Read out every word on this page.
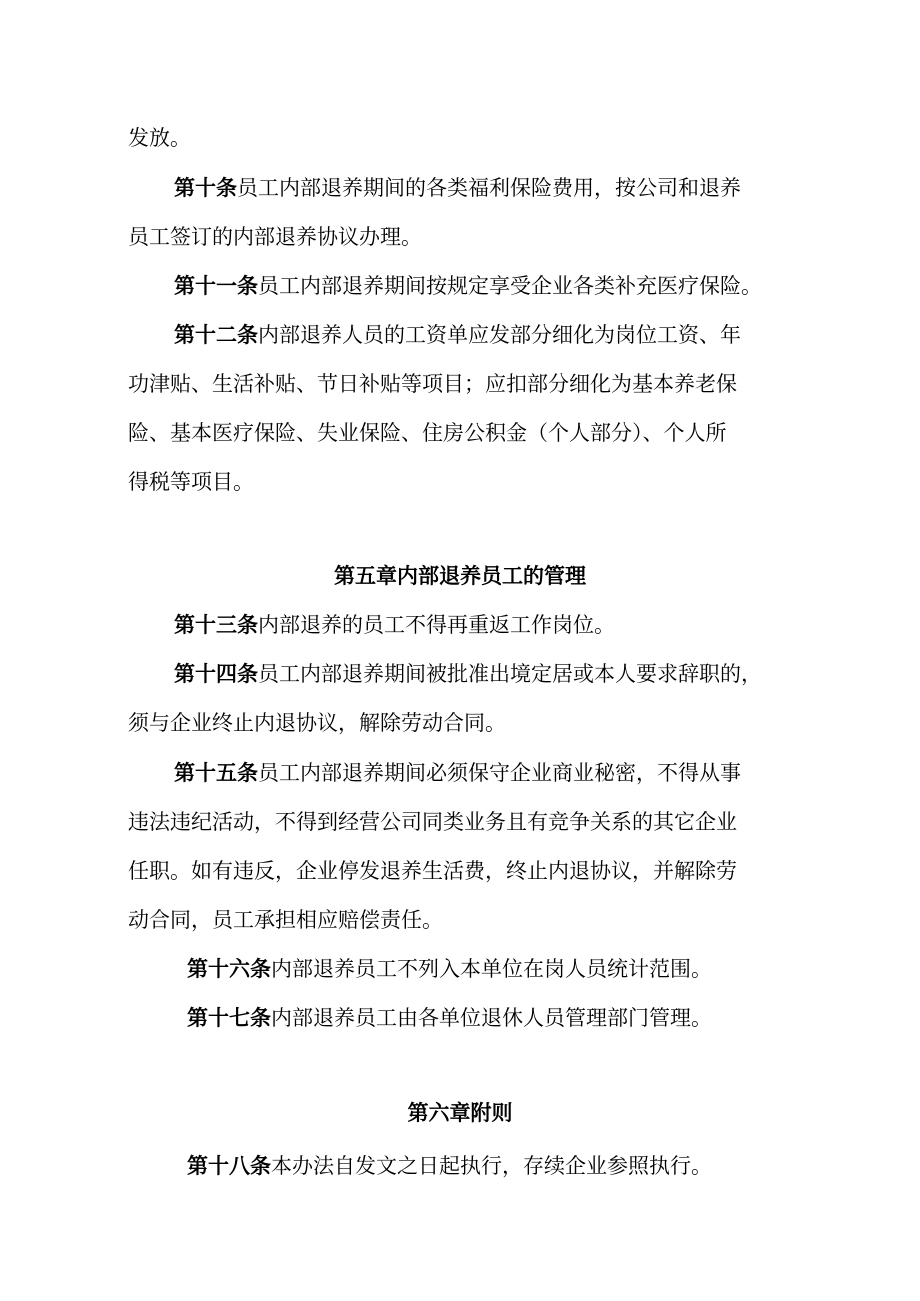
发放。

第十条员工内部退养期间的各类福利保险费用，按公司和退养

员工签订的内部退养协议办理。

第十一条员工内部退养期间按规定享受企业各类补充医疗保险。

第十二条内部退养人员的工资单应发部分细化为岗位工资、年

功津贴、生活补贴、节日补贴等项目；应扣部分细化为基本养老保

险、基本医疗保险、失业保险、住房公积金（个人部分）、个人所

得税等项目。

第五章内部退养员工的管理

第十三条内部退养的员工不得再重返工作岗位。

第十四条员工内部退养期间被批准出境定居或本人要求辞职的，

须与企业终止内退协议，解除劳动合同。

第十五条员工内部退养期间必须保守企业商业秘密，不得从事

违法违纪活动，不得到经营公司同类业务且有竞争关系的其它企业

任职。如有违反，企业停发退养生活费，终止内退协议，并解除劳

动合同，员工承担相应赔偿责任。

第十六条内部退养员工不列入本单位在岗人员统计范围。

第十七条内部退养员工由各单位退休人员管理部门管理。

第六章附则

第十八条本办法自发文之日起执行，存续企业参照执行。
